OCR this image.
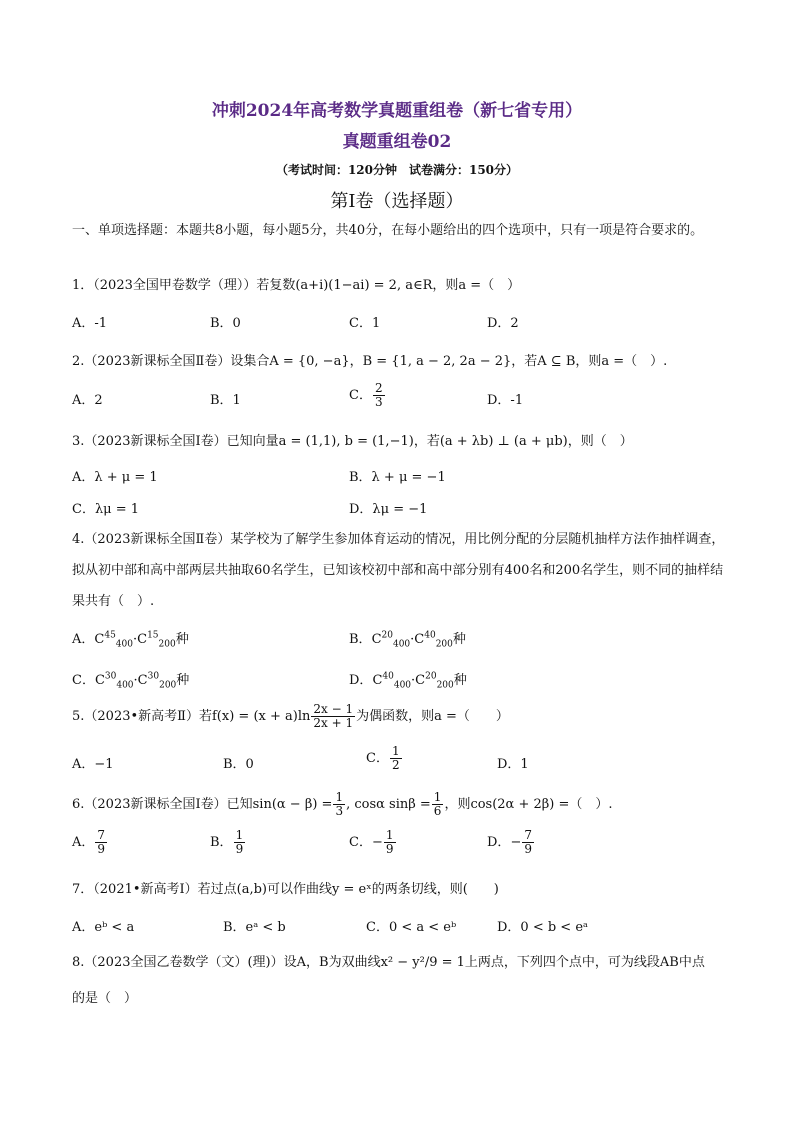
冲刺2024年高考数学真题重组卷（新七省专用）
真题重组卷02
（考试时间：120分钟　试卷满分：150分）
第Ⅰ卷（选择题）
一、单项选择题：本题共8小题，每小题5分，共40分，在每小题给出的四个选项中，只有一项是符合要求的。
1．（2023全国甲卷数学（理））若复数(a+i)(1−ai) = 2, a∈R，则a =（　）
A．-1	B．0	C．1	D．2
2.（2023新课标全国Ⅱ卷）设集合A = {0, −a}，B = {1, a − 2, 2a − 2}，若A ⊆ B，则a =（　）.
A．2	B．1	C． $\frac{2}{3}$	D．-1
3.（2023新课标全国Ⅰ卷）已知向量a = (1,1), b = (1,−1)，若(a + λb) ⊥ (a + μb)，则（　）
A．λ + μ = 1	B．λ + μ = −1
C．λμ = 1	D．λμ = −1
4.（2023新课标全国Ⅱ卷）某学校为了解学生参加体育运动的情况，用比例分配的分层随机抽样方法作抽样调查，拟从初中部和高中部两层共抽取60名学生，已知该校初中部和高中部分别有400名和200名学生，则不同的抽样结果共有（　）.
A．$C^{45}_{400}\cdot C^{15}_{200}$种	B．$C^{20}_{400}\cdot C^{40}_{200}$种
C．$C^{30}_{400}\cdot C^{30}_{200}$种	D．$C^{40}_{400}\cdot C^{20}_{200}$种
5.（2023•新高考Ⅱ）若$f(x) = (x + a)\ln \frac{2x - 1}{2x + 1}$ 为偶函数，则a =（　　）
A．−1	B．0	C． $\frac{1}{2}$	D．1
6.（2023新课标全国Ⅰ卷）已知$\sin(\alpha - \beta) = \frac{1}{3}$ , cosα $\sin\beta = \frac{1}{6}$ ，则cos(2α + 2β) =（　）.
A． $\frac{7}{9}$	B． $\frac{1}{9}$	C．− $\frac{1}{9}$	D．− $\frac{7}{9}$
7．（2021•新高考Ⅰ）若过点(a,b)可以作曲线y = eˣ的两条切线，则(　　)
A．eᵇ < a	B．eᵃ < b	C．0 < a < eᵇ	D．0 < b < eᵃ
8.（2023全国乙卷数学（文）(理)）设A，B为双曲线x² − y²/9 = 1上两点，下列四个点中，可为线段AB中点
的是（　）
